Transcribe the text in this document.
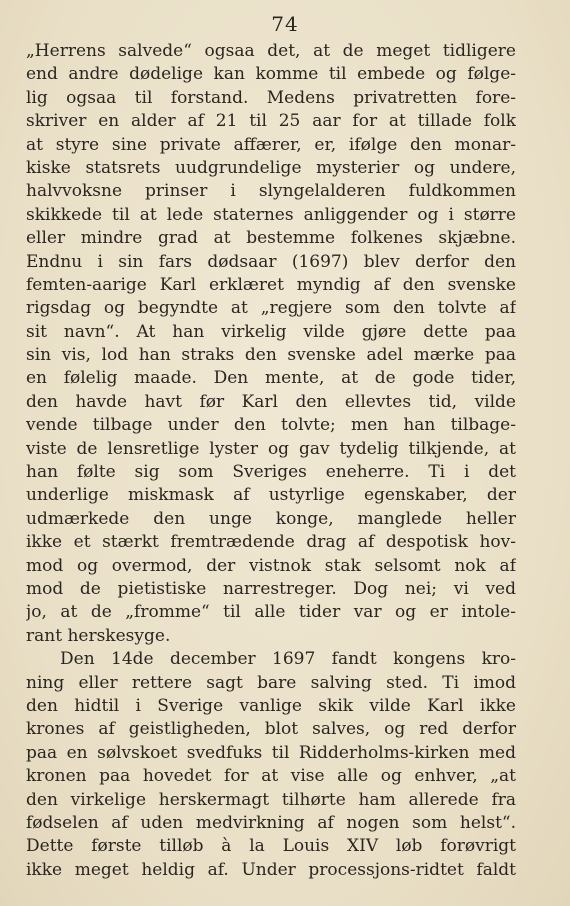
74
„Herrens salvede“ ogsaa det, at de meget tidligere
end andre dødelige kan komme til embede og følge-
lig ogsaa til forstand. Medens privatretten fore-
skriver en alder af 21 til 25 aar for at tillade folk
at styre sine private affærer, er, ifølge den monar-
kiske statsrets uudgrundelige mysterier og undere,
halvvoksne prinser i slyngelalderen fuldkommen
skikkede til at lede staternes anliggender og i større
eller mindre grad at bestemme folkenes skjæbne.
Endnu i sin fars dødsaar (1697) blev derfor den
femten-aarige Karl erklæret myndig af den svenske
rigsdag og begyndte at „regjere som den tolvte af
sit navn“. At han virkelig vilde gjøre dette paa
sin vis, lod han straks den svenske adel mærke paa
en følelig maade. Den mente, at de gode tider,
den havde havt før Karl den ellevtes tid, vilde
vende tilbage under den tolvte; men han tilbage-
viste de lensretlige lyster og gav tydelig tilkjende, at
han følte sig som Sveriges eneherre. Ti i det
underlige miskmask af ustyrlige egenskaber, der
udmærkede den unge konge, manglede heller
ikke et stærkt fremtrædende drag af despotisk hov-
mod og overmod, der vistnok stak selsomt nok af
mod de pietistiske narrestreger. Dog nei; vi ved
jo, at de „fromme“ til alle tider var og er intole-
rant herskesyge.
Den 14de december 1697 fandt kongens kro-
ning eller rettere sagt bare salving sted. Ti imod
den hidtil i Sverige vanlige skik vilde Karl ikke
krones af geistligheden, blot salves, og red derfor
paa en sølvskoet svedfuks til Ridderholms-kirken med
kronen paa hovedet for at vise alle og enhver, „at
den virkelige herskermagt tilhørte ham allerede fra
fødselen af uden medvirkning af nogen som helst“.
Dette første tilløb à la Louis XIV løb forøvrigt
ikke meget heldig af. Under processjons-ridtet faldt
